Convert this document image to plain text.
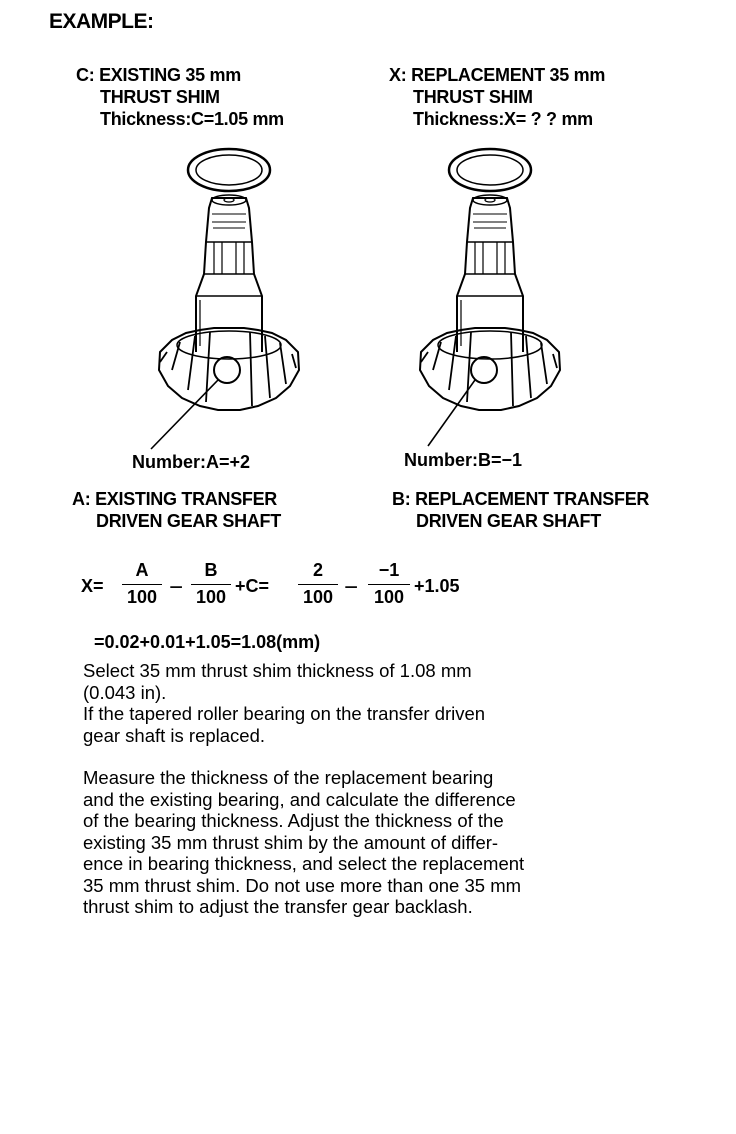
EXAMPLE:
C: EXISTING 35 mm
THRUST SHIM
Thickness:C=1.05 mm
X: REPLACEMENT 35 mm
THRUST SHIM
Thickness:X= ? ? mm
Number:A=+2	Number:B=−1
A: EXISTING TRANSFER
DRIVEN GEAR SHAFT
B: REPLACEMENT TRANSFER
DRIVEN GEAR SHAFT
X=
A
100 −
B
100
+C=
2
100 −
−1
100
+1.05
=0.02+0.01+1.05=1.08(mm)
Select 35 mm thrust shim thickness of 1.08 mm
(0.043 in).
If the tapered roller bearing on the transfer driven
gear shaft is replaced.
Measure the thickness of the replacement bearing
and the existing bearing, and calculate the difference
of the bearing thickness. Adjust the thickness of the
existing 35 mm thrust shim by the amount of differ-
ence in bearing thickness, and select the replacement
35 mm thrust shim. Do not use more than one 35 mm
thrust shim to adjust the transfer gear backlash.
